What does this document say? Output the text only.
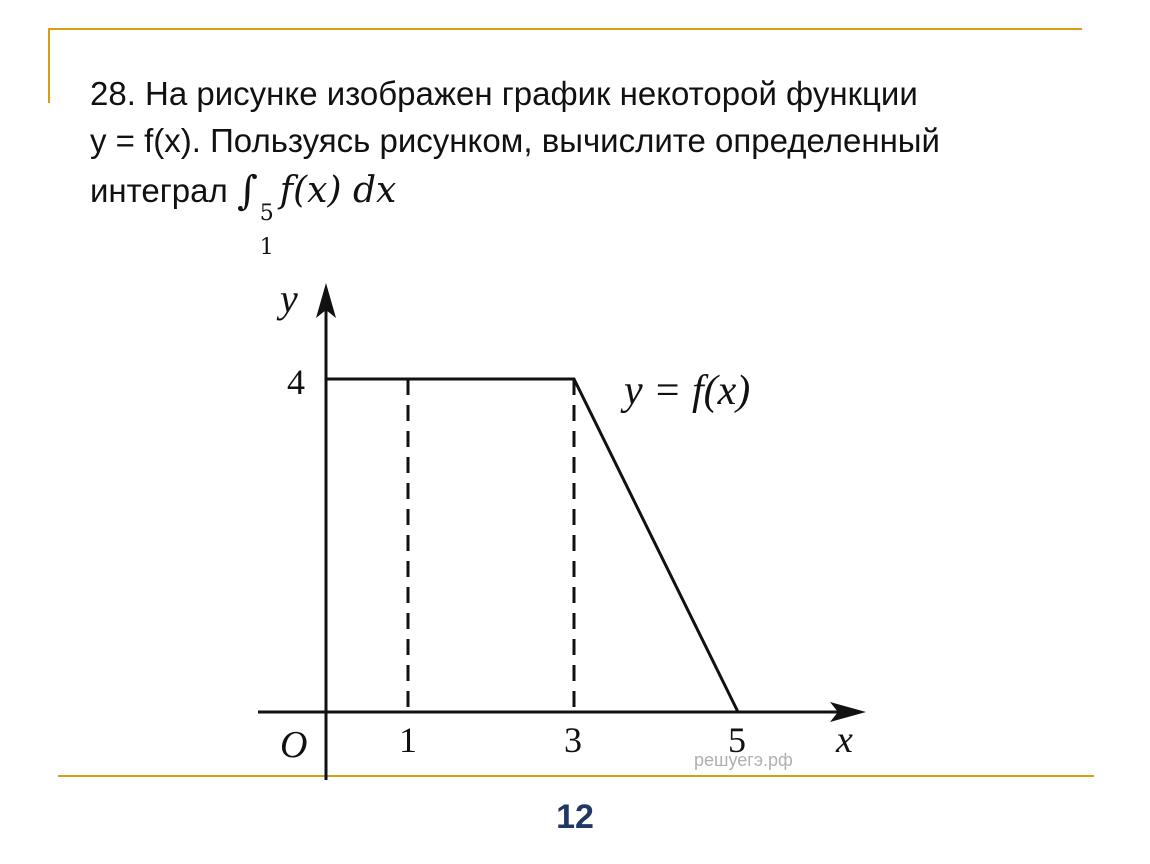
28. На рисунке изображен график некоторой функции
y = f(x). Пользуясь рисунком, вычислите определенный
интеграл ∫ 5
1
f(x) dx
y
4	y = f(x)
O	1	3	5
решуегэ.рф x
12
